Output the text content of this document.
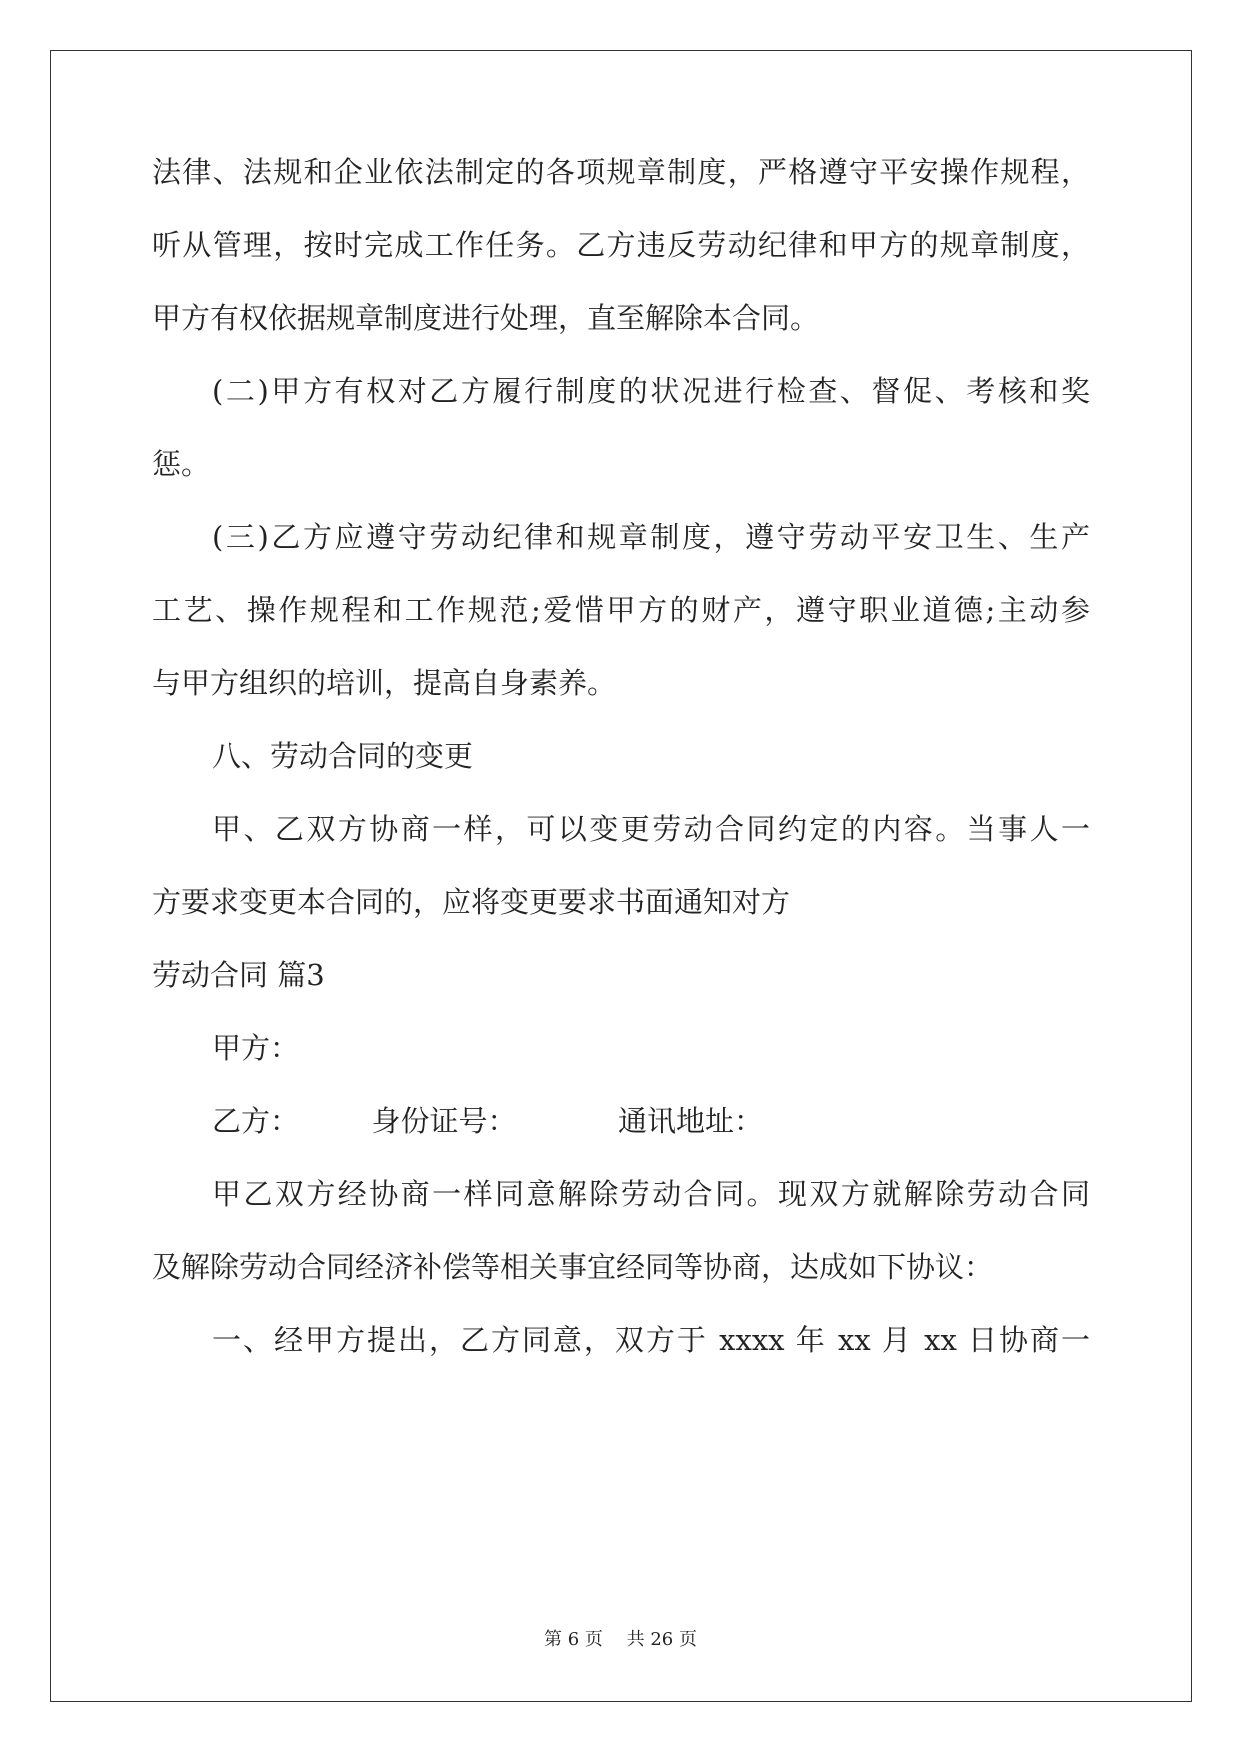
法律、法规和企业依法制定的各项规章制度，严格遵守平安操作规程，

听从管理，按时完成工作任务。乙方违反劳动纪律和甲方的规章制度，

甲方有权依据规章制度进行处理，直至解除本合同。

(二)甲方有权对乙方履行制度的状况进行检查、督促、考核和奖

惩。

(三)乙方应遵守劳动纪律和规章制度，遵守劳动平安卫生、生产

工艺、操作规程和工作规范;爱惜甲方的财产，遵守职业道德;主动参

与甲方组织的培训，提高自身素养。

八、劳动合同的变更

甲、乙双方协商一样，可以变更劳动合同约定的内容。当事人一

方要求变更本合同的，应将变更要求书面通知对方

劳动合同 篇3

甲方：

乙方：　　　身份证号：　　　　通讯地址：

甲乙双方经协商一样同意解除劳动合同。现双方就解除劳动合同

及解除劳动合同经济补偿等相关事宜经同等协商，达成如下协议：

一、经甲方提出，乙方同意，双方于 xxxx 年 xx 月 xx 日协商一

第 6 页　 共 26 页
